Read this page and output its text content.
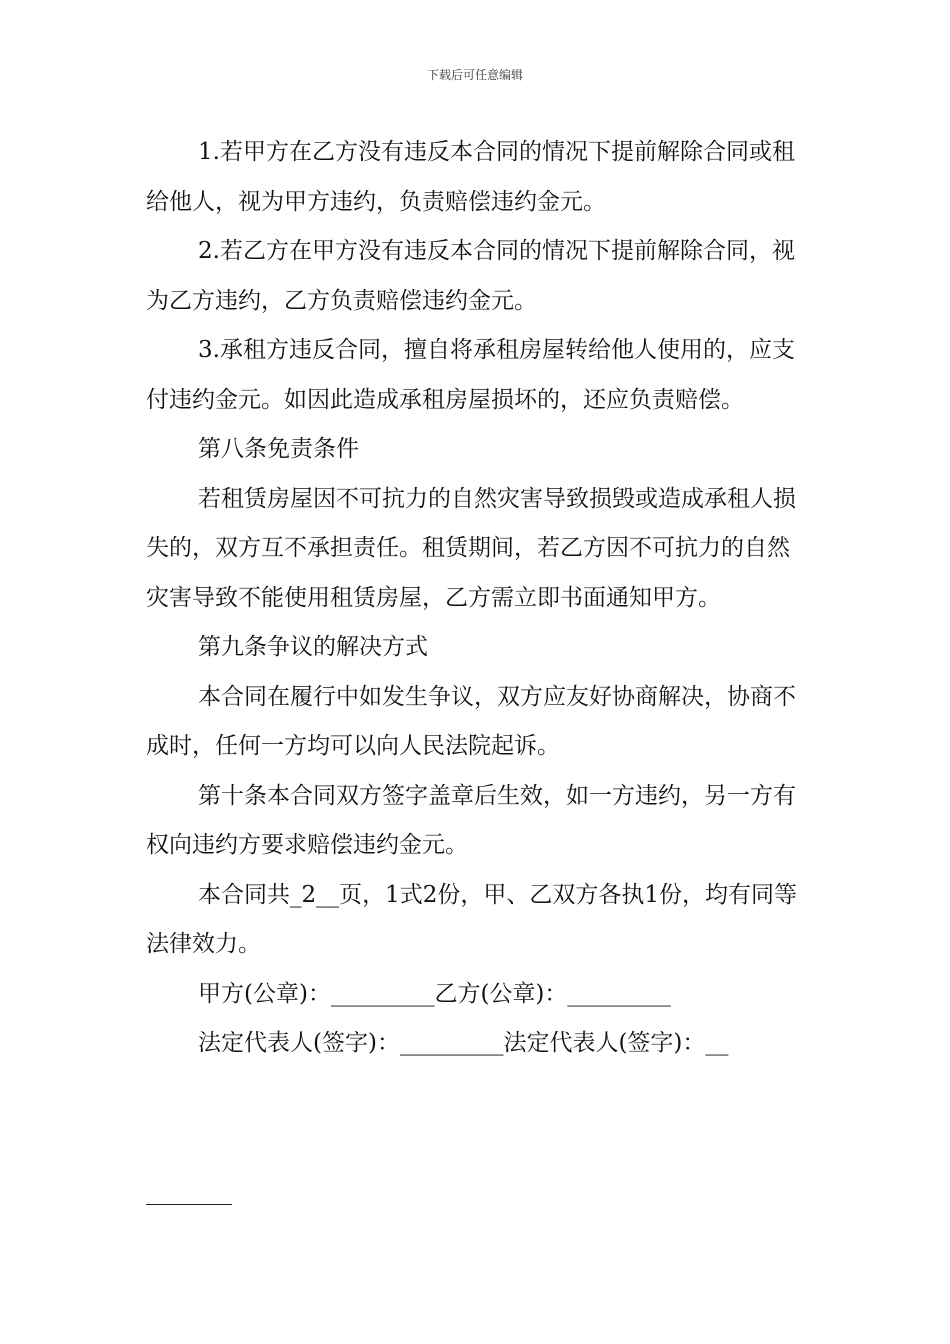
下载后可任意编辑

1.若甲方在乙方没有违反本合同的情况下提前解除合同或租给他人，视为甲方违约，负责赔偿违约金元。

2.若乙方在甲方没有违反本合同的情况下提前解除合同，视为乙方违约，乙方负责赔偿违约金元。

3.承租方违反合同，擅自将承租房屋转给他人使用的，应支付违约金元。如因此造成承租房屋损坏的，还应负责赔偿。

第八条免责条件

若租赁房屋因不可抗力的自然灾害导致损毁或造成承租人损失的，双方互不承担责任。租赁期间，若乙方因不可抗力的自然灾害导致不能使用租赁房屋，乙方需立即书面通知甲方。

第九条争议的解决方式

本合同在履行中如发生争议，双方应友好协商解决，协商不成时，任何一方均可以向人民法院起诉。

第十条本合同双方签字盖章后生效，如一方违约，另一方有权向违约方要求赔偿违约金元。

本合同共_2__页，1式2份，甲、乙双方各执1份，均有同等法律效力。

甲方(公章)：_________乙方(公章)：_________

法定代表人(签字)：_________法定代表人(签字)：__
